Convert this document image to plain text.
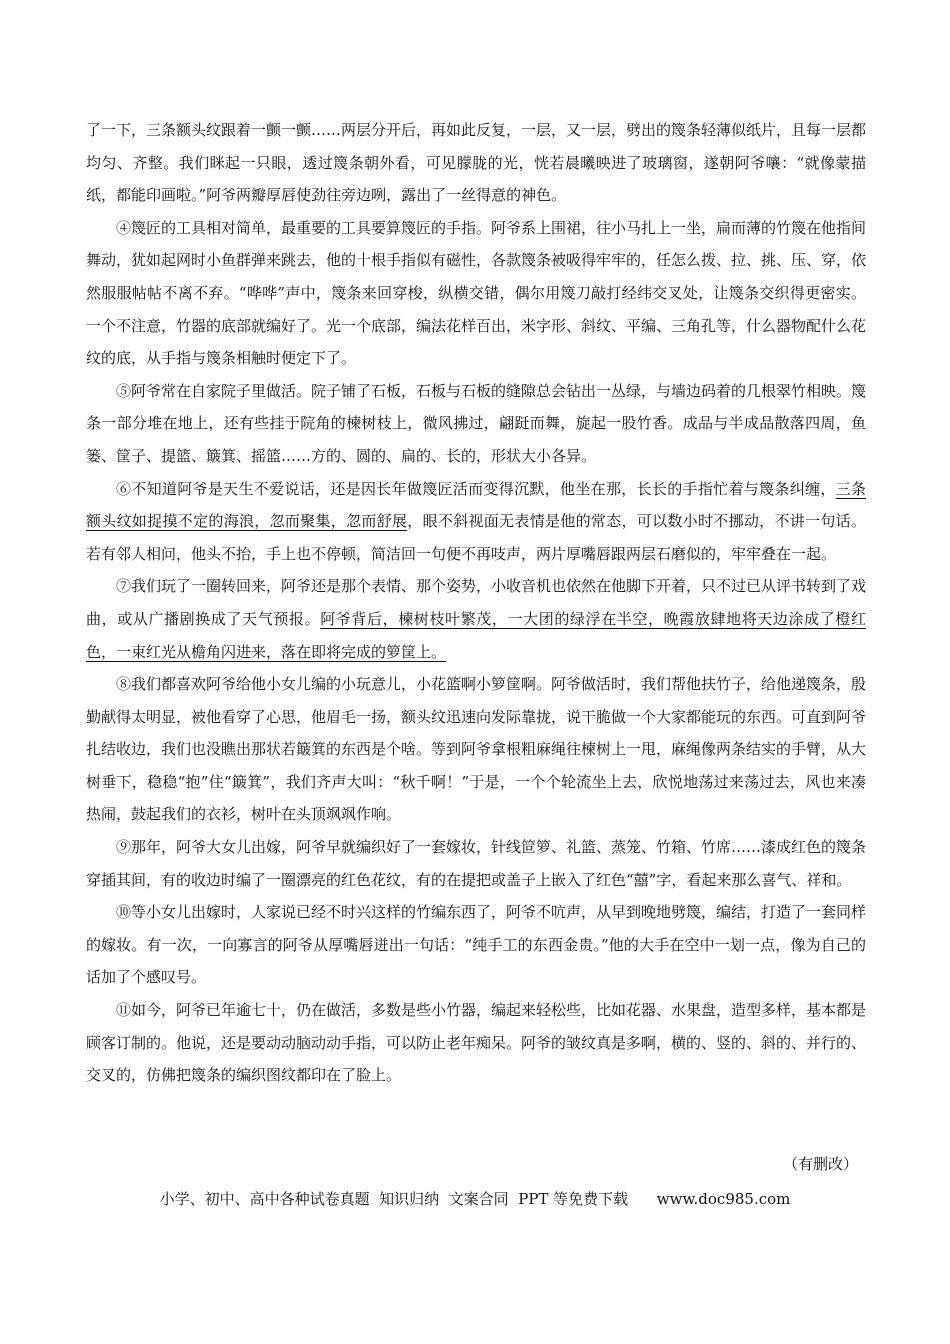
了一下，三条额头纹跟着一颤一颤……两层分开后，再如此反复，一层，又一层，劈出的篾条轻薄似纸片，且每一层都均匀、齐整。我们眯起一只眼，透过篾条朝外看，可见朦胧的光，恍若晨曦映进了玻璃窗，遂朝阿爷嚷：“就像蒙描纸，都能印画啦。”阿爷两瓣厚唇使劲往旁边咧，露出了一丝得意的神色。

④篾匠的工具相对简单，最重要的工具要算篾匠的手指。阿爷系上围裙，往小马扎上一坐，扁而薄的竹篾在他指间舞动，犹如起网时小鱼群弹来跳去，他的十根手指似有磁性，各款篾条被吸得牢牢的，任怎么拨、拉、挑、压、穿，依然服服帖帖不离不弃。“哗哗”声中，篾条来回穿梭，纵横交错，偶尔用篾刀敲打经纬交叉处，让篾条交织得更密实。一个不注意，竹器的底部就编好了。光一个底部，编法花样百出，米字形、斜纹、平编、三角孔等，什么器物配什么花纹的底，从手指与篾条相触时便定下了。

⑤阿爷常在自家院子里做活。院子铺了石板，石板与石板的缝隙总会钻出一丛绿，与墙边码着的几根翠竹相映。篾条一部分堆在地上，还有些挂于院角的楝树枝上，微风拂过，翩跹而舞，旋起一股竹香。成品与半成品散落四周，鱼篓、筐子、提篮、簸箕、摇篮……方的、圆的、扁的、长的，形状大小各异。

⑥不知道阿爷是天生不爱说话，还是因长年做篾匠活而变得沉默，他坐在那，长长的手指忙着与篾条纠缠，三条额头纹如捉摸不定的海浪，忽而聚集，忽而舒展，眼不斜视面无表情是他的常态，可以数小时不挪动，不讲一句话。若有邻人相问，他头不抬，手上也不停顿，简洁回一句便不再吱声，两片厚嘴唇跟两层石磨似的，牢牢叠在一起。

⑦我们玩了一圈转回来，阿爷还是那个表情、那个姿势，小收音机也依然在他脚下开着，只不过已从评书转到了戏曲，或从广播剧换成了天气预报。阿爷背后，楝树枝叶繁茂，一大团的绿浮在半空，晚霞放肆地将天边涂成了橙红色，一束红光从檐角闪进来，落在即将完成的箩筐上。

⑧我们都喜欢阿爷给他小女儿编的小玩意儿，小花篮啊小箩筐啊。阿爷做活时，我们帮他扶竹子，给他递篾条，殷勤献得太明显，被他看穿了心思，他眉毛一扬，额头纹迅速向发际靠拢，说干脆做一个大家都能玩的东西。可直到阿爷扎结收边，我们也没瞧出那状若簸箕的东西是个啥。等到阿爷拿根粗麻绳往楝树上一甩，麻绳像两条结实的手臂，从大树垂下，稳稳“抱”住“簸箕”，我们齐声大叫：“秋千啊！”于是，一个个轮流坐上去，欣悦地荡过来荡过去，风也来凑热闹，鼓起我们的衣衫，树叶在头顶飒飒作响。

⑨那年，阿爷大女儿出嫁，阿爷早就编织好了一套嫁妆，针线笸箩、礼篮、蒸笼、竹箱、竹席……漆成红色的篾条穿插其间，有的收边时编了一圈漂亮的红色花纹，有的在提把或盖子上嵌入了红色“囍”字，看起来那么喜气、祥和。

⑩等小女儿出嫁时，人家说已经不时兴这样的竹编东西了，阿爷不吭声，从早到晚地劈篾，编结，打造了一套同样的嫁妆。有一次，一向寡言的阿爷从厚嘴唇迸出一句话：“纯手工的东西金贵。”他的大手在空中一划一点，像为自己的话加了个感叹号。

⑪如今，阿爷已年逾七十，仍在做活，多数是些小竹器，编起来轻松些，比如花器、水果盘，造型多样，基本都是顾客订制的。他说，还是要动动脑动动手指，可以防止老年痴呆。阿爷的皱纹真是多啊，横的、竖的、斜的、并行的、交叉的，仿佛把篾条的编织图纹都印在了脸上。

（有删改）
小学、初中、高中各种试卷真题  知识归纳  文案合同  PPT 等免费下载      www.doc985.com
